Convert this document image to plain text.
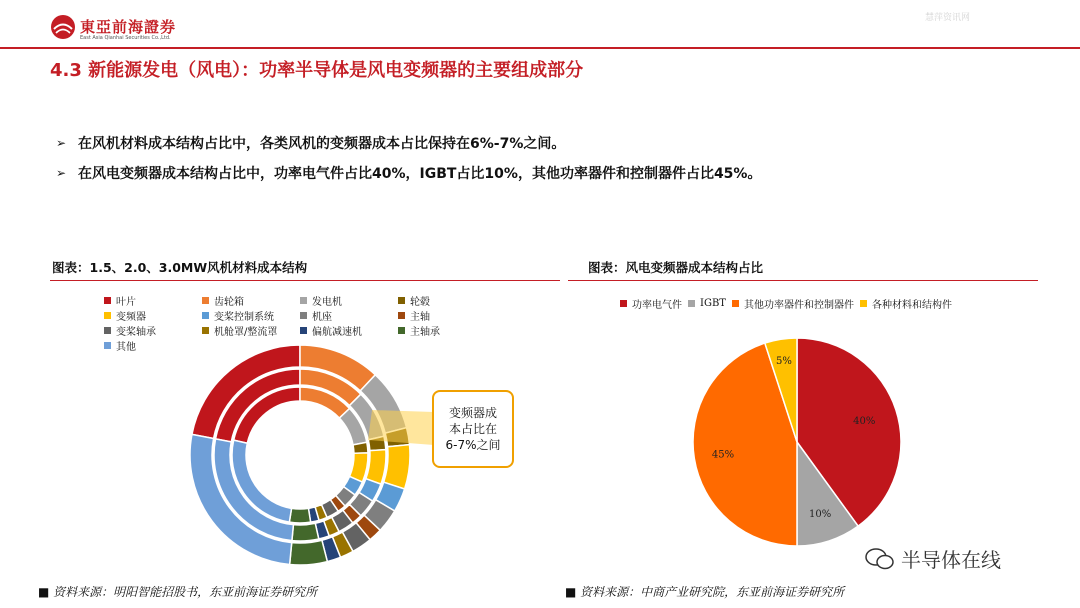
東亞前海證券
East Asia Qianhai Securities Co.,Ltd.
慧萍资讯网
4.3 新能源发电（风电）：功率半导体是风电变频器的主要组成部分
➢ 在风机材料成本结构占比中，各类风机的变频器成本占比保持在6%-7%之间。
➢ 在风电变频器成本结构占比中，功率电气件占比40%，IGBT占比10%，其他功率器件和控制器件占比45%。
图表：1.5、2.0、3.0MW风机材料成本结构	图表：风电变频器成本结构占比
叶片	齿轮箱	发电机	轮毂
变频器	变桨控制系统	机座	主轴
变桨轴承	机舱罩/整流罩	偏航减速机	主轴承
其他
功率电气件 IGBT 其他功率器件和控制器件 各种材料和结构件
变频器成
本占比在
6-7%之间
40%
10%
45%
5%
■ 资料来源：明阳智能招股书，东亚前海证券研究所	■ 资料来源：中商产业研究院，东亚前海证券研究所
半导体在线
